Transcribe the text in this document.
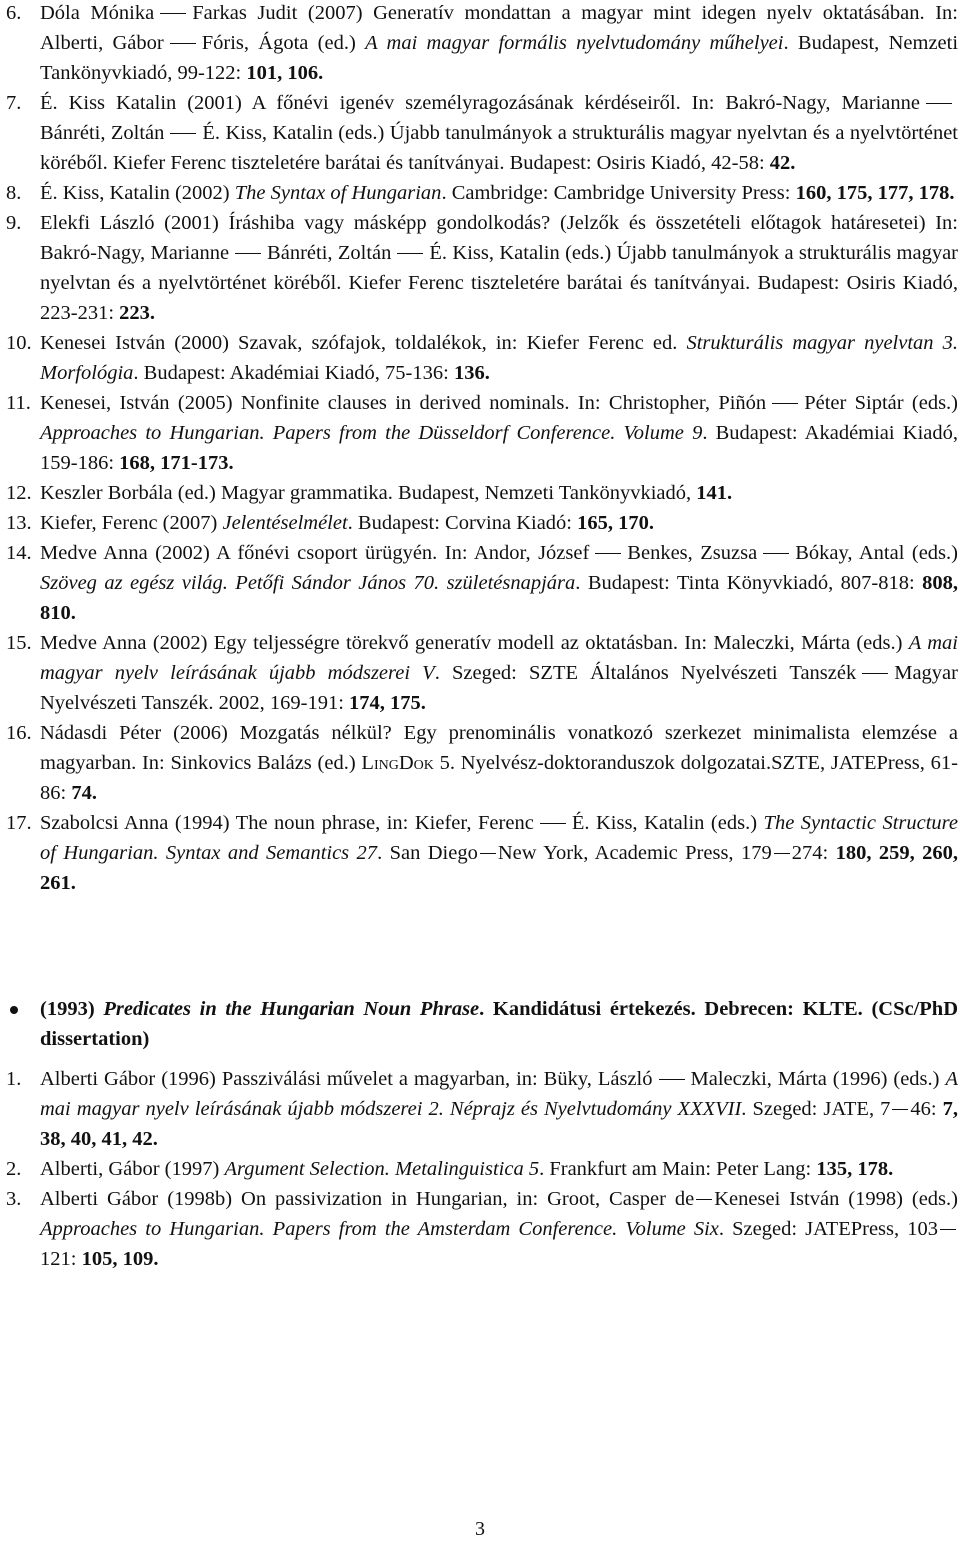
6. Dóla Mónika Farkas Judit (2007) Generatív mondattan a magyar mint idegen nyelv oktatásában. In: Alberti, Gábor Fóris, Ágota (ed.) A mai magyar formális nyelvtudomány műhelyei. Budapest, Nemzeti Tankönyvkiadó, 99-122: 101, 106.
7. É. Kiss Katalin (2001) A főnévi igenév személyragozásának kérdéseiről. In: Bakró-Nagy, MarianneBánréti, Zoltán É. Kiss, Katalin (eds.) Újabb tanulmányok a strukturális magyar nyelvtan és a nyelvtörténet köréből. Kiefer Ferenc tiszteletére barátai és tanítványai. Budapest: Osiris Kiadó, 42-58: 42.
8. É. Kiss, Katalin (2002) The Syntax of Hungarian. Cambridge: Cambridge University Press: 160, 175, 177, 178.
9. Elekfi László (2001) Íráshiba vagy másképp gondolkodás? (Jelzők és összetételi előtagok határesetei) In: Bakró-Nagy, Marianne Bánréti, Zoltán É. Kiss, Katalin (eds.) Újabb tanulmányok a strukturális magyar nyelvtan és a nyelvtörténet köréből. Kiefer Ferenc tiszteletére barátai és tanítványai. Budapest: Osiris Kiadó, 223-231: 223.
10. Kenesei István (2000) Szavak, szófajok, toldalékok, in: Kiefer Ferenc ed. Strukturális magyar nyelvtan 3. Morfológia. Budapest: Akadémiai Kiadó, 75-136: 136.
11. Kenesei, István (2005) Nonfinite clauses in derived nominals. In: Christopher, Piñón Péter Siptár (eds.) Approaches to Hungarian. Papers from the Düsseldorf Conference. Volume 9. Budapest: Akadémiai Kiadó, 159-186: 168, 171-173.
12. Keszler Borbála (ed.) Magyar grammatika. Budapest, Nemzeti Tankönyvkiadó, 141.
13. Kiefer, Ferenc (2007) Jelentéselmélet. Budapest: Corvina Kiadó: 165, 170.
14. Medve Anna (2002) A főnévi csoport ürügyén. In: Andor, József Benkes, Zsuzsa Bókay, Antal (eds.) Szöveg az egész világ. Petőfi Sándor János 70. születésnapjára. Budapest: Tinta Könyvkiadó, 807-818: 808, 810.
15. Medve Anna (2002) Egy teljességre törekvő generatív modell az oktatásban. In: Maleczki, Márta (eds.) A mai magyar nyelv leírásának újabb módszerei V. Szeged: SZTE Általános Nyelvészeti Tanszék Magyar Nyelvészeti Tanszék. 2002, 169-191: 174, 175.
16. Nádasdi Péter (2006) Mozgatás nélkül? Egy prenominális vonatkozó szerkezet minimalista elemzése a magyarban. In: Sinkovics Balázs (ed.) LingDok 5. Nyelvész-doktoranduszok dolgozatai.SZTE, JATEPress, 61-86: 74.
17. Szabolcsi Anna (1994) The noun phrase, in: Kiefer, Ferenc É. Kiss, Katalin (eds.) The Syntactic Structure of Hungarian. Syntax and Semantics 27. San Diego New York, Academic Press, 179 274: 180, 259, 260, 261.
(1993) Predicates in the Hungarian Noun Phrase. Kandidátusi értekezés. Debrecen: KLTE. (CSc/PhD dissertation)
1. Alberti Gábor (1996) Passziválási művelet a magyarban, in: Büky, László Maleczki, Márta (1996) (eds.) A mai magyar nyelv leírásának újabb módszerei 2. Néprajz és Nyelvtudomány XXXVII. Szeged: JATE, 7 46: 7, 38, 40, 41, 42.
2. Alberti, Gábor (1997) Argument Selection. Metalinguistica 5. Frankfurt am Main: Peter Lang: 135, 178.
3. Alberti Gábor (1998b) On passivization in Hungarian, in: Groot, Casper de Kenesei István (1998) (eds.) Approaches to Hungarian. Papers from the Amsterdam Conference. Volume Six. Szeged: JATEPress, 103121: 105, 109.
3
